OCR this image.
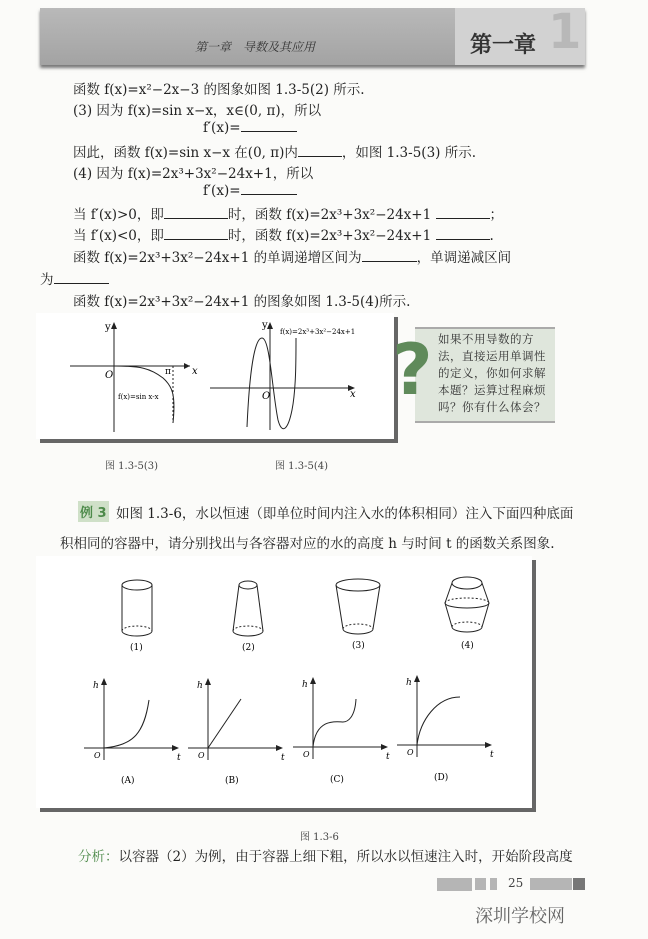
1
第一章
第一章　导数及其应用
函数 f(x)=x²−2x−3 的图象如图 1.3-5(2) 所示.
(3) 因为 f(x)=sin x−x，x∈(0, π)，所以
f′(x)=
因此，函数 f(x)=sin x−x 在(0, π)内	，如图 1.3-5(3) 所示.
(4) 因为 f(x)=2x³+3x²−24x+1，所以
f′(x)=
当 f′(x)>0，即	时，函数 f(x)=2x³+3x²−24x+1	；
当 f′(x)<0，即	时，函数 f(x)=2x³+3x²−24x+1	.
函数 f(x)=2x³+3x²−24x+1 的单调递增区间为	，单调递减区间
为
函数 f(x)=2x³+3x²−24x+1 的图象如图 1.3-5(4)所示.
y
x
O	π
f(x)=sin x-x
y
x
O
f(x)=2x³+3x²−24x+1
图 1.3-5(3)	图 1.3-5(4)
? 如果不用导数的方法，直接运用单调性的定义，你如何求解本题？运算过程麻烦吗？你有什么体会？
例 3 如图 1.3-6，水以恒速（即单位时间内注入水的体积相同）注入下面四种底面
积相同的容器中，请分别找出与各容器对应的水的高度 h 与时间 t 的函数关系图象.
(1)	(2)	(3)	(4)
h
t
O
(A)
h
t
O
(B)
h
t
O
(C)
h
t
O
(D)
图 1.3-6
分析：以容器（2）为例，由于容器上细下粗，所以水以恒速注入时，开始阶段高度
25
深圳学校网
